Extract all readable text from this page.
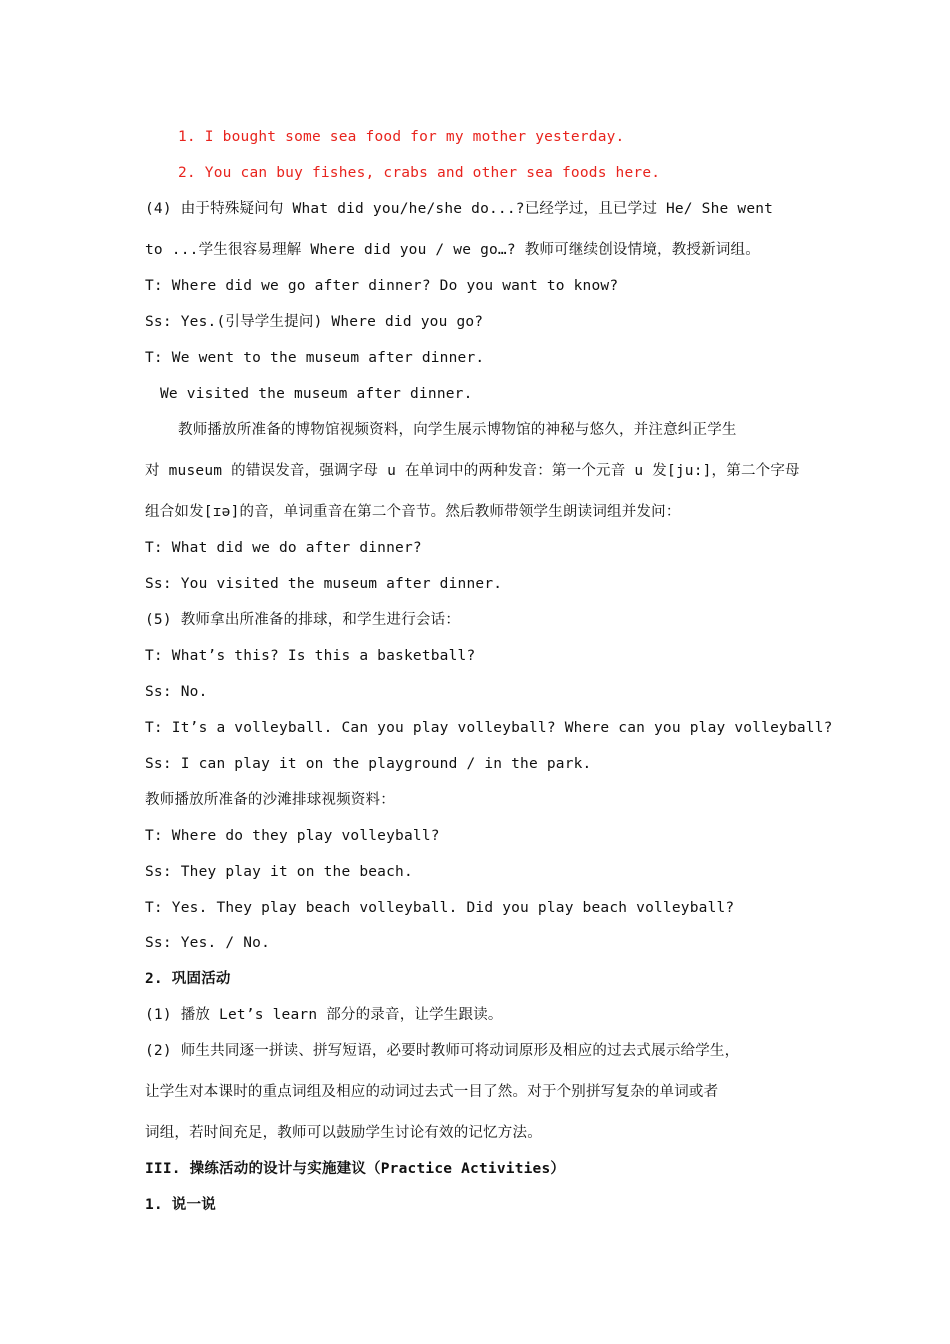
1. I bought some sea food for my mother yesterday.
2. You can buy fishes, crabs and other sea foods here.
(4) 由于特殊疑问句 What did you/he/she do...?已经学过，且已学过 He/ She went
to ...学生很容易理解 Where did you / we go…? 教师可继续创设情境，教授新词组。
T: Where did we go after dinner? Do you want to know?
Ss: Yes.(引导学生提问) Where did you go?
T: We went to the museum after dinner.
We visited the museum after dinner.
教师播放所准备的博物馆视频资料，向学生展示博物馆的神秘与悠久，并注意纠正学生
对 museum 的错误发音，强调字母 u 在单词中的两种发音：第一个元音 u 发[ju:]，第二个字母
组合如发[ɪə]的音，单词重音在第二个音节。然后教师带领学生朗读词组并发问：
T: What did we do after dinner?
Ss: You visited the museum after dinner.
(5) 教师拿出所准备的排球，和学生进行会话：
T: What’s this? Is this a basketball?
Ss: No.
T: It’s a volleyball. Can you play volleyball? Where can you play volleyball?
Ss: I can play it on the playground / in the park.
教师播放所准备的沙滩排球视频资料：
T: Where do they play volleyball?
Ss: They play it on the beach.
T: Yes. They play beach volleyball. Did you play beach volleyball?
Ss: Yes. / No.
2. 巩固活动
(1) 播放 Let’s learn 部分的录音，让学生跟读。
(2) 师生共同逐一拼读、拼写短语，必要时教师可将动词原形及相应的过去式展示给学生，
让学生对本课时的重点词组及相应的动词过去式一目了然。对于个别拼写复杂的单词或者
词组，若时间充足，教师可以鼓励学生讨论有效的记忆方法。
III. 操练活动的设计与实施建议（Practice Activities）
1. 说一说
